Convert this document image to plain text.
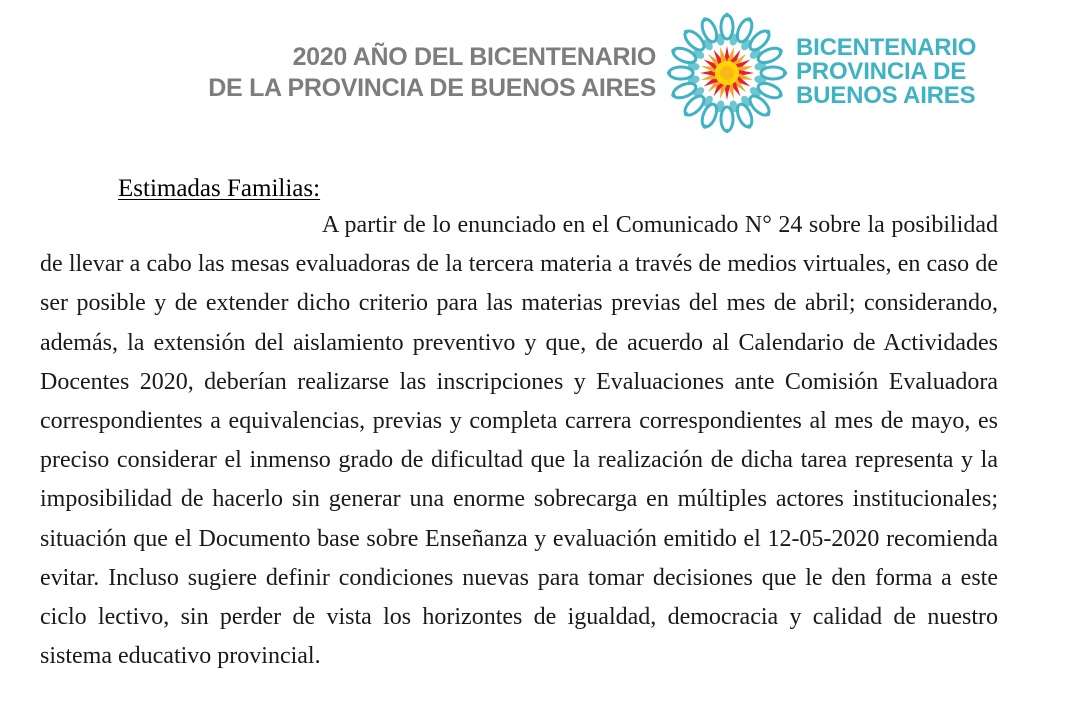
2020 AÑO DEL BICENTENARIO
DE LA PROVINCIA DE BUENOS AIRES
BICENTENARIO
PROVINCIA DE
BUENOS AIRES
Estimadas Familias:

A partir de lo enunciado en el Comunicado N° 24 sobre la posibilidad de llevar a cabo las mesas evaluadoras de la tercera materia a través de medios virtuales, en caso de ser posible y de extender dicho criterio para las materias previas del mes de abril; considerando, además, la extensión del aislamiento preventivo y que, de acuerdo al Calendario de Actividades Docentes 2020, deberían realizarse las inscripciones y Evaluaciones ante Comisión Evaluadora correspondientes a equivalencias, previas y completa carrera correspondientes al mes de mayo, es preciso considerar el inmenso grado de dificultad que la realización de dicha tarea representa y la imposibilidad de hacerlo sin generar una enorme sobrecarga en múltiples actores institucionales; situación que el Documento base sobre Enseñanza y evaluación emitido el 12-05-2020 recomienda evitar. Incluso sugiere definir condiciones nuevas para tomar decisiones que le den forma a este ciclo lectivo, sin perder de vista los horizontes de igualdad, democracia y calidad de nuestro sistema educativo provincial.
